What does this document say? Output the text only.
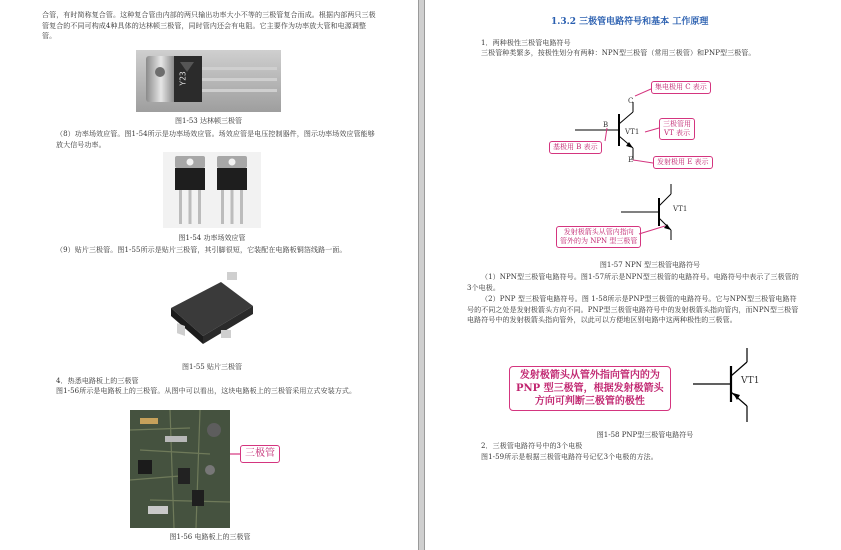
合管，有时简称复合管。这种复合管由内部的两只输出功率大小不等的三极管复合而成。根据内部两只三极管复合的不同可构成4种具体的达林顿三极管，同时管内还会有电阻。它主要作为功率放大管和电源调整管。
Y23
图1-53 达林顿三极管
（8）功率场效应管。图1-54所示是功率场效应管。场效应管是电压控制器件，图示功率场效应管能够放大信号功率。
图1-54 功率场效应管
（9）贴片三极管。图1-55所示是贴片三极管，其引脚很短，它装配在电路板铜箔线路一面。
图1-55 贴片三极管
4．热悉电路板上的三极管
图1-56所示是电路板上的三极管。从图中可以看出，这块电路板上的三极管采用立式安装方式。
三极管
图1-56 电路板上的三极管
1.3.2 三极管电路符号和基本 工作原理
1．两种极性三极管电路符号
三极管种类繁多，按极性划分有两种：NPN型三极管（常用三极管）和PNP型三极管。
C
B
VT1
E
集电极用 C 表示
三极管用
VT 表示
基极用 B 表示
发射极用 E 表示
VT1
发射极箭头从管内指向
管外的为 NPN 型三极管
图1-57 NPN 型三极管电路符号
（1）NPN型三极管电路符号。图1-57所示是NPN型三极管的电路符号。电路符号中表示了三极管的3个电极。
（2）PNP 型三极管电路符号。图 1-58所示是PNP型三极管的电路符号。它与NPN型三极管电路符号的不同之处是发射极箭头方向不同。PNP型三极管电路符号中的发射极箭头指向管内，而NPN型三极管电路符号中的发射极箭头指向管外，以此可以方便地区别电路中这两种极性的三极管。
发射极箭头从管外指向管内的为
PNP 型三极管，根据发射极箭头
方向可判断三极管的极性
VT1
图1-58 PNP型三极管电路符号
2．三极管电路符号中的3个电极
图1-59所示是根据三极管电路符号记忆3个电极的方法。
